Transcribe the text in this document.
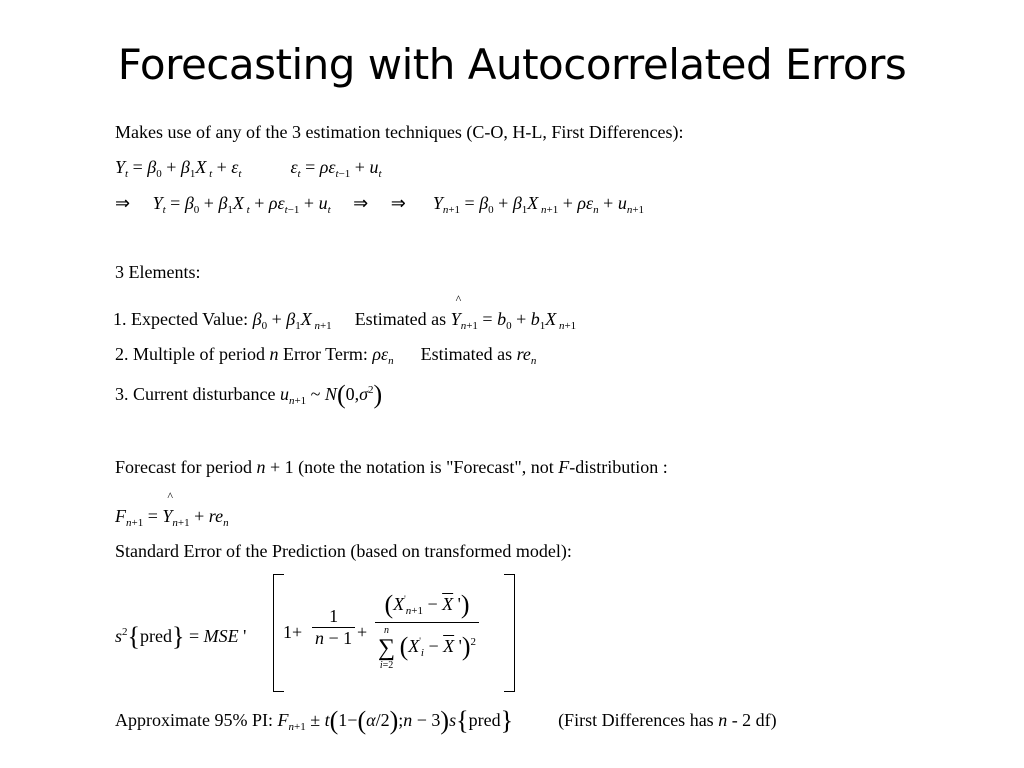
Forecasting with Autocorrelated Errors
Makes use of any of the 3 estimation techniques (C-O, H-L, First Differences):
$Y_t = \beta_0 + \beta_1X$ $_t + \varepsilon_t$	$\varepsilon_t = \rho\varepsilon_{t-1} + u_t$
⇒ $Y_t = \beta_0 + \beta_1X$ $_t + \rho\varepsilon_{t-1} + u_t$ ⇒ ⇒  $Y_{n+1} = \beta_0 + \beta_1X$ $_{n+1} + \rho\varepsilon_n + u_{n+1}$
3 Elements:
1. Expected Value: $\beta_0 + \beta_1X$ $_{n+1}$ Estimated as ^ $Y_{n+1} = b_0 + b_1X$ $_{n+1}$
2. Multiple of period n Error Term: $\rho\varepsilon_n$ Estimated as $re_n$
3. Current disturbance $u_{n+1}$ ~ $N(0,\sigma^2)$
Forecast for period n + 1 (note the notation is "Forecast", not F-distribution :
$F_{n+1}$ = ^ $Y_{n+1} + re_n$
Standard Error of the Prediction (based on transformed model):
$s^2\{pred\}$ = MSE ' $1+ \frac{1}{n - 1}$ +
($X'_{n+1} - \overline{X}$ ')
n
∑
i=2 ($X'_i - \overline{X}$ ')$^2$
Approximate 95% PI: $F_{n+1}$ ± t(1−(α/2);n − 3)s{pred}	(First Differences has n - 2 df)
